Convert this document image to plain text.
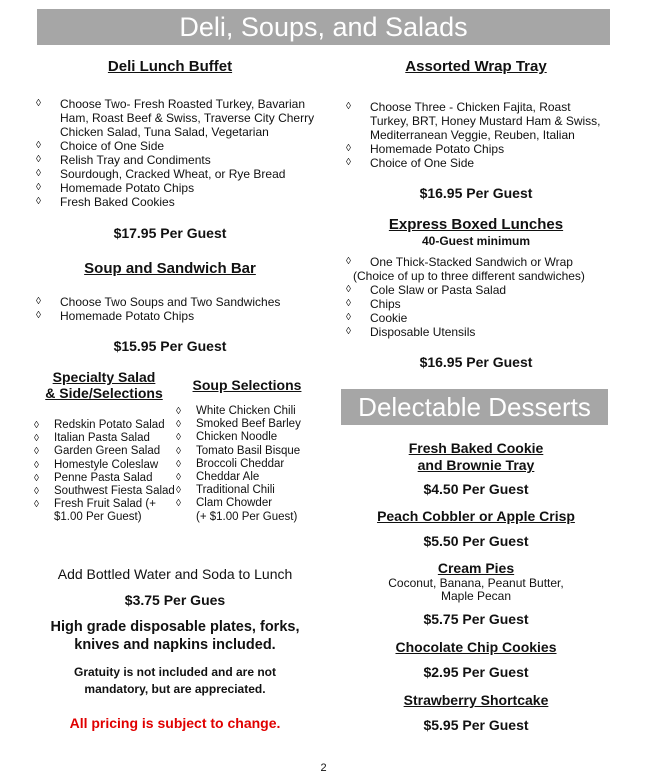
Deli, Soups, and Salads
Deli Lunch Buffet
◊ Choose Two- Fresh Roasted Turkey, Bavarian Ham, Roast Beef & Swiss, Traverse City Cherry Chicken Salad, Tuna Salad, Vegetarian
◊ Choice of One Side
◊ Relish Tray and Condiments
◊ Sourdough, Cracked Wheat, or Rye Bread
◊ Homemade Potato Chips
◊ Fresh Baked Cookies
$17.95 Per Guest
Soup and Sandwich Bar
◊ Choose Two Soups and Two Sandwiches
◊ Homemade Potato Chips
$15.95 Per Guest
Specialty Salad
& Side/Selections
◊ Redskin Potato Salad
◊ Italian Pasta Salad
◊ Garden Green Salad
◊ Homestyle Coleslaw
◊ Penne Pasta Salad
◊ Southwest Fiesta Salad
◊ Fresh Fruit Salad (+ $1.00 Per Guest)
Soup Selections
◊ White Chicken Chili
◊ Smoked Beef Barley
◊ Chicken Noodle
◊ Tomato Basil Bisque
◊ Broccoli Cheddar
◊ Cheddar Ale
◊ Traditional Chili
◊ Clam Chowder
(+ $1.00 Per Guest)
Add Bottled Water and Soda to Lunch
$3.75 Per Gues
High grade disposable plates, forks, knives and napkins included.
Gratuity is not included and are not mandatory, but are appreciated.
All pricing is subject to change.
Assorted Wrap Tray
◊ Choose Three - Chicken Fajita, Roast Turkey, BRT, Honey Mustard Ham & Swiss, Mediterranean Veggie, Reuben, Italian
◊ Homemade Potato Chips
◊ Choice of One Side
$16.95 Per Guest
Express Boxed Lunches
40-Guest minimum
◊ One Thick-Stacked Sandwich or Wrap
(Choice of up to three different sandwiches)
◊ Cole Slaw or Pasta Salad
◊ Chips
◊ Cookie
◊ Disposable Utensils
$16.95 Per Guest
Delectable Desserts
Fresh Baked Cookie
and Brownie Tray
$4.50 Per Guest
Peach Cobbler or Apple Crisp
$5.50 Per Guest
Cream Pies
Coconut, Banana, Peanut Butter,
Maple Pecan
$5.75 Per Guest
Chocolate Chip Cookies
$2.95 Per Guest
Strawberry Shortcake
$5.95 Per Guest
2
